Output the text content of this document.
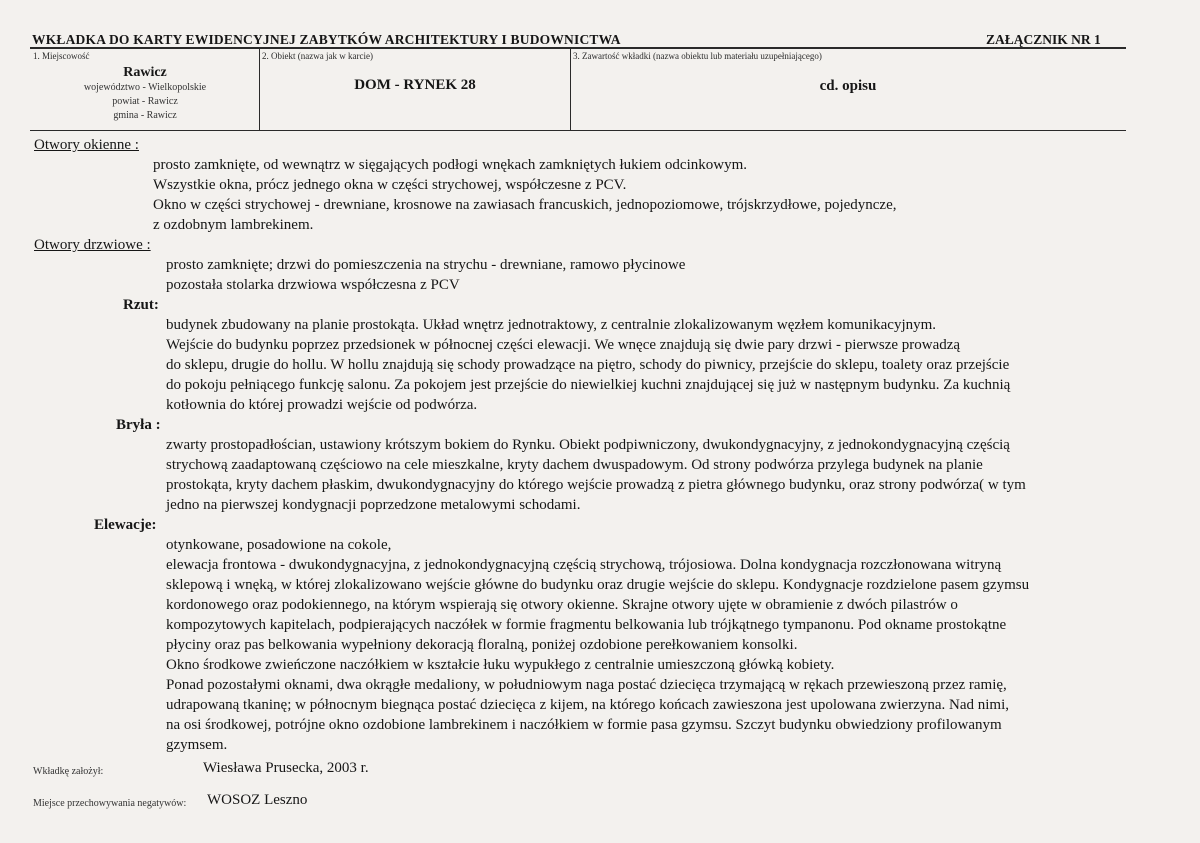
WKŁADKA DO KARTY EWIDENCYJNEJ ZABYTKÓW ARCHITEKTURY I BUDOWNICTWA	ZAŁĄCZNIK NR 1
1. Miejscowość
Rawicz
województwo - Wielkopolskie
powiat - Rawicz
gmina - Rawicz
2. Obiekt (nazwa jak w karcie)
DOM - RYNEK 28
3. Zawartość wkładki (nazwa obiektu lub materiału uzupełniającego)
cd. opisu
Otwory okienne :
prosto zamknięte, od wewnątrz w sięgających podłogi wnękach zamkniętych łukiem odcinkowym.
Wszystkie okna, prócz jednego okna w części strychowej, współczesne z PCV.
Okno w części strychowej - drewniane, krosnowe na zawiasach francuskich, jednopoziomowe, trójskrzydłowe, pojedyncze,
z ozdobnym lambrekinem.
Otwory drzwiowe :
prosto zamknięte; drzwi do pomieszczenia na strychu - drewniane, ramowo płycinowe
pozostała stolarka drzwiowa współczesna z PCV
Rzut:
budynek zbudowany na planie prostokąta. Układ wnętrz jednotraktowy, z centralnie zlokalizowanym węzłem komunikacyjnym.
Wejście do budynku poprzez przedsionek w północnej części elewacji. We wnęce znajdują się dwie pary drzwi - pierwsze prowadzą
do sklepu, drugie do hollu. W hollu znajdują się schody prowadzące na piętro, schody do piwnicy, przejście do sklepu, toalety oraz przejście
do pokoju pełniącego funkcję salonu. Za pokojem jest przejście do niewielkiej kuchni znajdującej się już w następnym budynku. Za kuchnią
kotłownia do której prowadzi wejście od podwórza.
Bryła :
zwarty prostopadłościan, ustawiony krótszym bokiem do Rynku. Obiekt podpiwniczony, dwukondygnacyjny, z jednokondygnacyjną częścią
strychową zaadaptowaną częściowo na cele mieszkalne, kryty dachem dwuspadowym. Od strony podwórza przylega budynek na planie
prostokąta, kryty dachem płaskim, dwukondygnacyjny do którego wejście prowadzą z pietra głównego budynku, oraz strony podwórza( w tym
jedno na pierwszej kondygnacji poprzedzone metalowymi schodami.
Elewacje:
otynkowane, posadowione na cokole,
elewacja frontowa - dwukondygnacyjna, z jednokondygnacyjną częścią strychową, trójosiowa. Dolna kondygnacja rozczłonowana witryną
sklepową i wnęką, w której zlokalizowano wejście główne do budynku oraz drugie wejście do sklepu. Kondygnacje rozdzielone pasem gzymsu
kordonowego oraz podokiennego, na którym wspierają się otwory okienne. Skrajne otwory ujęte w obramienie z dwóch pilastrów o
kompozytowych kapitelach, podpierających naczółek w formie fragmentu belkowania lub trójkątnego tympanonu. Pod okname prostokątne
płyciny oraz pas belkowania wypełniony dekoracją floralną, poniżej ozdobione perełkowaniem konsolki.
Okno środkowe zwieńczone naczółkiem w kształcie łuku wypukłego z centralnie umieszczoną główką kobiety.
Ponad pozostałymi oknami, dwa okrągłe medaliony, w południowym naga postać dziecięca trzymającą w rękach przewieszoną przez ramię,
udrapowaną tkaninę; w północnym biegnąca postać dziecięca z kijem, na którego końcach zawieszona jest upolowana zwierzyna. Nad nimi,
na osi środkowej, potrójne okno ozdobione lambrekinem i naczółkiem w formie pasa gzymsu. Szczyt budynku obwiedziony profilowanym
gzymsem.
Wkładkę założył:	Wiesława Prusecka, 2003 r.
Miejsce przechowywania negatywów: WOSOZ Leszno
